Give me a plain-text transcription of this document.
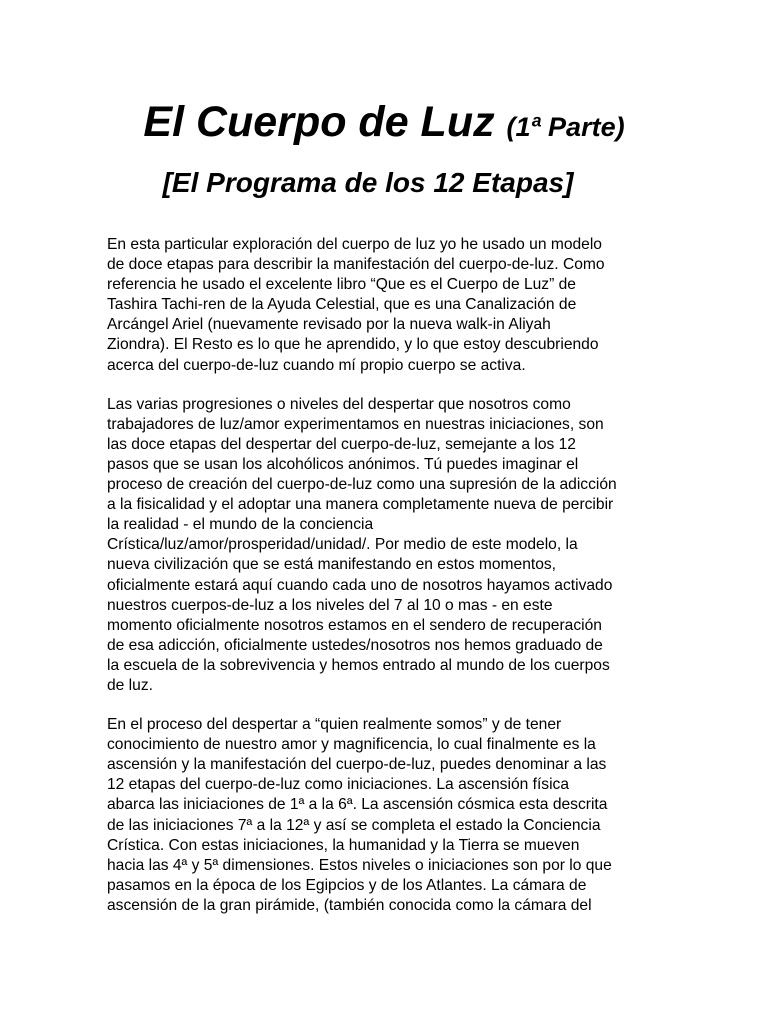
El Cuerpo de Luz (1ª Parte)
[El Programa de los 12 Etapas]

En esta particular exploración del cuerpo de luz yo he usado un modelo
de doce etapas para describir la manifestación del cuerpo-de-luz. Como
referencia he usado el excelente libro “Que es el Cuerpo de Luz” de
Tashira Tachi-ren de la Ayuda Celestial, que es una Canalización de
Arcángel Ariel (nuevamente revisado por la nueva walk-in Aliyah
Ziondra). El Resto es lo que he aprendido, y lo que estoy descubriendo
acerca del cuerpo-de-luz cuando mí propio cuerpo se activa.

Las varias progresiones o niveles del despertar que nosotros como
trabajadores de luz/amor experimentamos en nuestras iniciaciones, son
las doce etapas del despertar del cuerpo-de-luz, semejante a los 12
pasos que se usan los alcohólicos anónimos. Tú puedes imaginar el
proceso de creación del cuerpo-de-luz como una supresión de la adicción
a la fisicalidad y el adoptar una manera completamente nueva de percibir
la realidad - el mundo de la conciencia
Crística/luz/amor/prosperidad/unidad/. Por medio de este modelo, la
nueva civilización que se está manifestando en estos momentos,
oficialmente estará aquí cuando cada uno de nosotros hayamos activado
nuestros cuerpos-de-luz a los niveles del 7 al 10 o mas - en este
momento oficialmente nosotros estamos en el sendero de recuperación
de esa adicción, oficialmente ustedes/nosotros nos hemos graduado de
la escuela de la sobrevivencia y hemos entrado al mundo de los cuerpos
de luz.

En el proceso del despertar a “quien realmente somos” y de tener
conocimiento de nuestro amor y magnificencia, lo cual finalmente es la
ascensión y la manifestación del cuerpo-de-luz, puedes denominar a las
12 etapas del cuerpo-de-luz como iniciaciones. La ascensión física
abarca las iniciaciones de 1ª a la 6ª. La ascensión cósmica esta descrita
de las iniciaciones 7ª a la 12ª y así se completa el estado la Conciencia
Crística. Con estas iniciaciones, la humanidad y la Tierra se mueven
hacia las 4ª y 5ª dimensiones. Estos niveles o iniciaciones son por lo que
pasamos en la época de los Egipcios y de los Atlantes. La cámara de
ascensión de la gran pirámide, (también conocida como la cámara del
